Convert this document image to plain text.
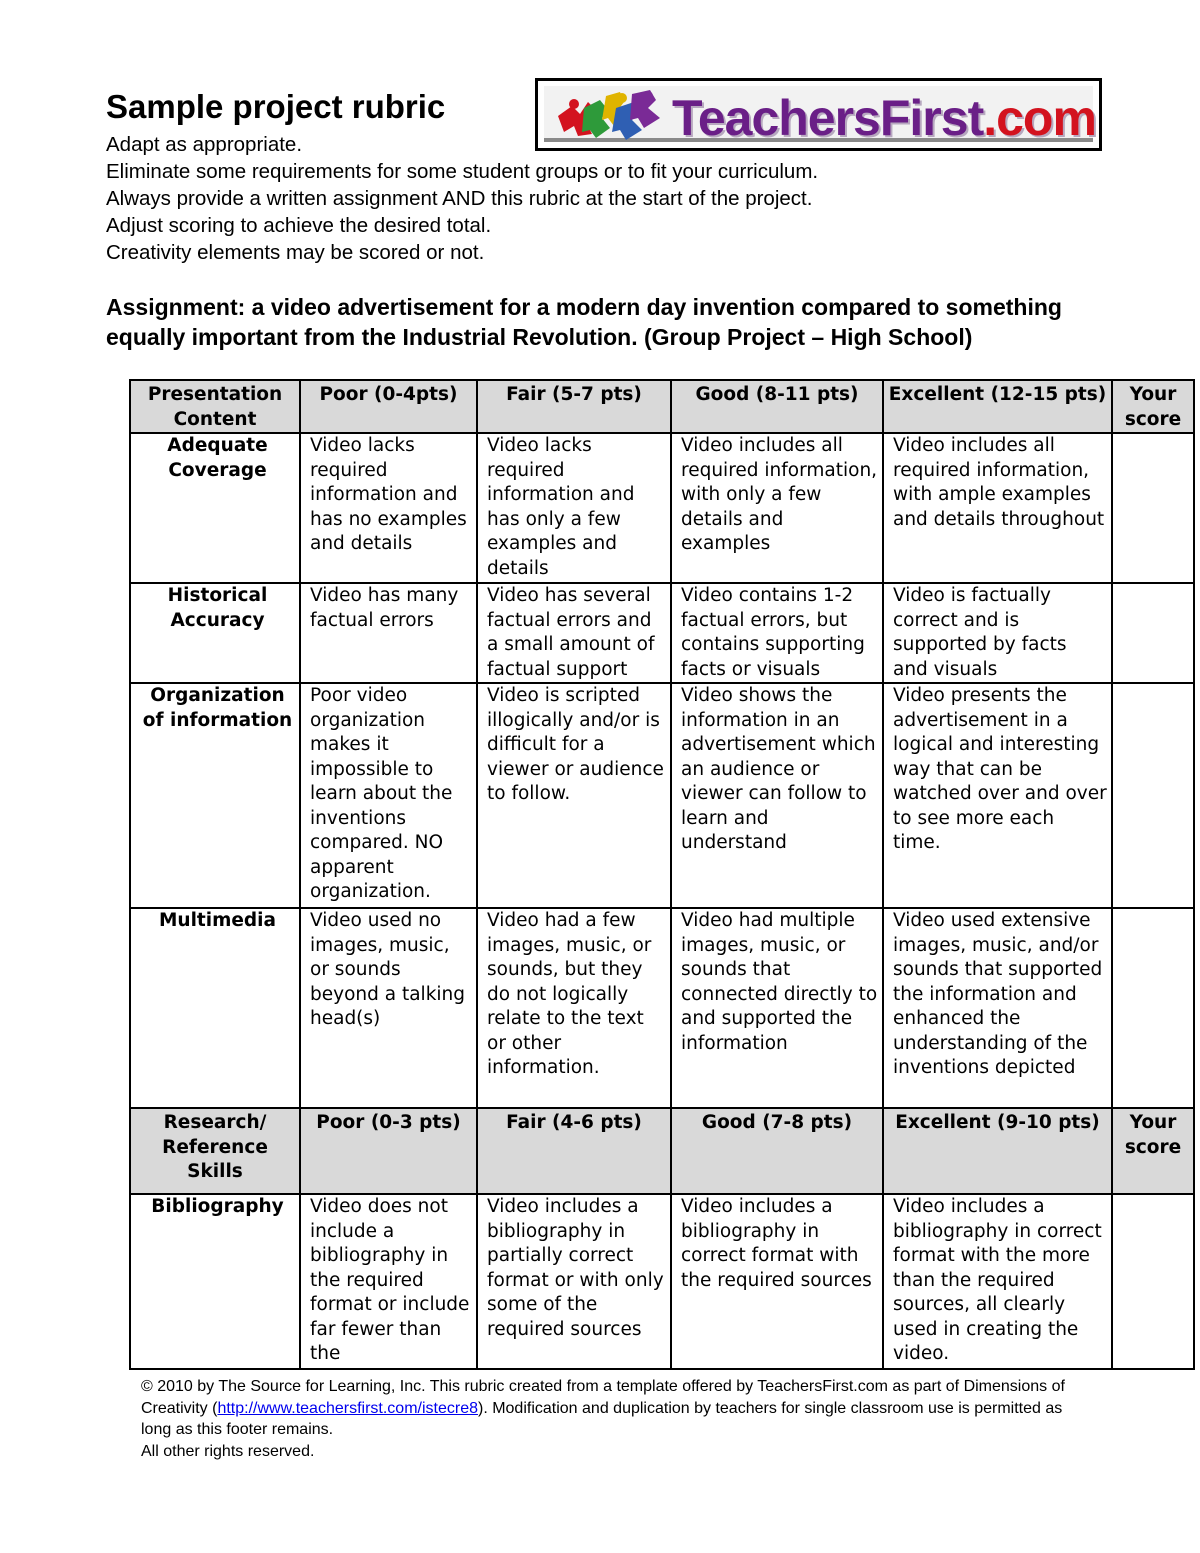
Sample project rubric
Adapt as appropriate.
Eliminate some requirements for some student groups or to fit your curriculum.
Always provide a written assignment AND this rubric at the start of the project.
Adjust scoring to achieve the desired total.
Creativity elements may be scored or not.
TeachersFirst.com
Assignment: a video advertisement for a modern day invention compared to something equally important from the Industrial Revolution. (Group Project – High School)
Presentation Content	Poor (0-4pts)	Fair (5-7 pts)	Good (8-11 pts)	Excellent (12-15 pts)	Your score
Adequate Coverage	Video lacks required information and has no examples and details	Video lacks required information and has only a few examples and details	Video includes all required information, with only a few details and examples	Video includes all required information, with ample examples and details throughout	
Historical Accuracy	Video has many factual errors	Video has several factual errors and a small amount of factual support	Video contains 1-2 factual errors, but contains supporting facts or visuals	Video is factually correct and is supported by facts and visuals	
Organization of information	Poor video organization makes it impossible to learn about the inventions compared. NO apparent organization.	Video is scripted illogically and/or is difficult for a viewer or audience to follow.	Video shows the information in an advertisement which an audience or viewer can follow to learn and understand	Video presents the advertisement in a logical and interesting way that can be watched over and over to see more each time.	
Multimedia	Video used no images, music, or sounds beyond a talking head(s)	Video had a few images, music, or sounds, but they do not logically relate to the text or other information.	Video had multiple images, music, or sounds that connected directly to and supported the information	Video used extensive images, music, and/or sounds that supported the information and enhanced the understanding of the inventions depicted	
Research/ Reference Skills	Poor (0-3 pts)	Fair (4-6 pts)	Good (7-8 pts)	Excellent (9-10 pts)	Your score
Bibliography	Video does not include a bibliography in the required format or include far fewer than the	Video includes a bibliography in partially correct format or with only some of the required sources	Video includes a bibliography in correct format with the required sources	Video includes a bibliography in correct format with the more than the required sources, all clearly used in creating the video.	
© 2010 by The Source for Learning, Inc. This rubric created from a template offered by TeachersFirst.com as part of Dimensions of Creativity (http://www.teachersfirst.com/istecre8). Modification and duplication by teachers for single classroom use is permitted as long as this footer remains.
All other rights reserved.
